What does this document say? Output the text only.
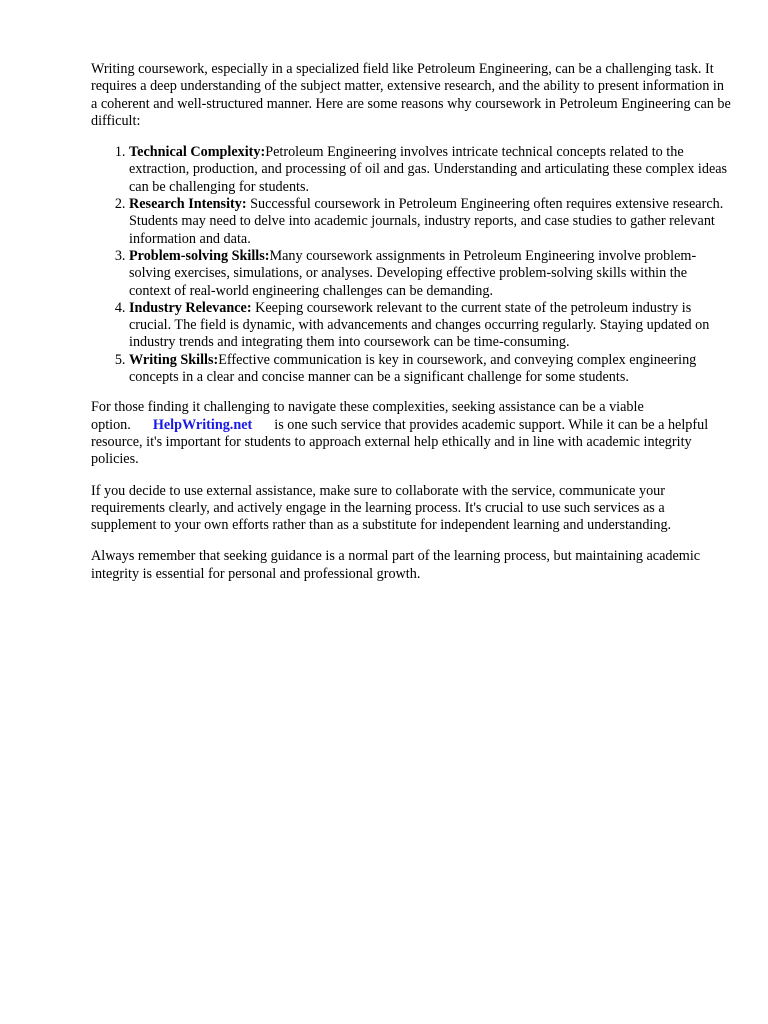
Writing coursework, especially in a specialized field like Petroleum Engineering, can be a challenging task. It requires a deep understanding of the subject matter, extensive research, and the ability to present information in a coherent and well-structured manner. Here are some reasons why coursework in Petroleum Engineering can be difficult:

1. Technical Complexity:Petroleum Engineering involves intricate technical concepts related to the extraction, production, and processing of oil and gas. Understanding and articulating these complex ideas can be challenging for students.
2. Research Intensity: Successful coursework in Petroleum Engineering often requires extensive research. Students may need to delve into academic journals, industry reports, and case studies to gather relevant information and data.
3. Problem-solving Skills:Many coursework assignments in Petroleum Engineering involve problem-solving exercises, simulations, or analyses. Developing effective problem-solving skills within the context of real-world engineering challenges can be demanding.
4. Industry Relevance: Keeping coursework relevant to the current state of the petroleum industry is crucial. The field is dynamic, with advancements and changes occurring regularly. Staying updated on industry trends and integrating them into coursework can be time-consuming.
5. Writing Skills:Effective communication is key in coursework, and conveying complex engineering concepts in a clear and concise manner can be a significant challenge for some students.

For those finding it challenging to navigate these complexities, seeking assistance can be a viable option. HelpWriting.net is one such service that provides academic support. While it can be a helpful resource, it's important for students to approach external help ethically and in line with academic integrity policies.

If you decide to use external assistance, make sure to collaborate with the service, communicate your requirements clearly, and actively engage in the learning process. It's crucial to use such services as a supplement to your own efforts rather than as a substitute for independent learning and understanding.

Always remember that seeking guidance is a normal part of the learning process, but maintaining academic integrity is essential for personal and professional growth.
